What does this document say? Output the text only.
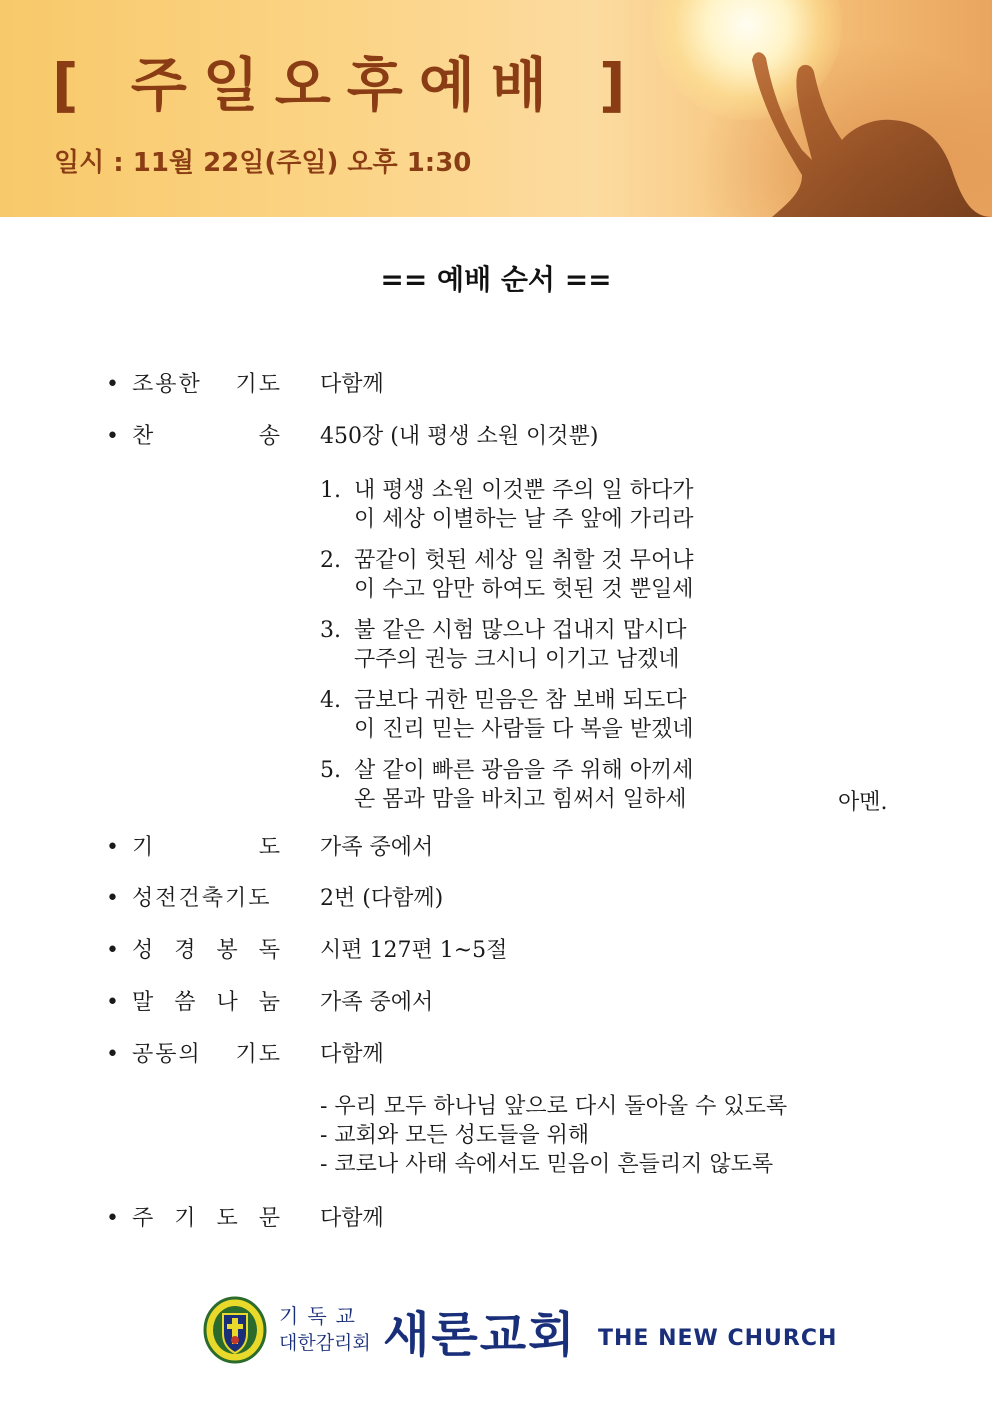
[ 주일오후예배 ]
일시 : 11월 22일(주일) 오후 1:30
== 예배 순서 ==
• 조용한 기도 다함께
• 찬 송 450장 (내 평생 소원 이것뿐)
1. 내 평생 소원 이것뿐 주의 일 하다가
이 세상 이별하는 날 주 앞에 가리라
2. 꿈같이 헛된 세상 일 취할 것 무어냐
이 수고 암만 하여도 헛된 것 뿐일세
3. 불 같은 시험 많으나 겁내지 맙시다
구주의 권능 크시니 이기고 남겠네
4. 금보다 귀한 믿음은 참 보배 되도다
이 진리 믿는 사람들 다 복을 받겠네
5. 살 같이 빠른 광음을 주 위해 아끼세
온 몸과 맘을 바치고 힘써서 일하세	아멘.
• 기 도 가족 중에서
• 성전건축기도	2번 (다함께)
• 성 경 봉 독 시편 127편 1~5절
• 말 씀 나 눔 가족 중에서
• 공동의 기도 다함께
- 우리 모두 하나님 앞으로 다시 돌아올 수 있도록
- 교회와 모든 성도들을 위해
- 코로나 사태 속에서도 믿음이 흔들리지 않도록
• 주 기 도 문 다함께
기독교
대한감리회 새론교회 THE NEW CHURCH
